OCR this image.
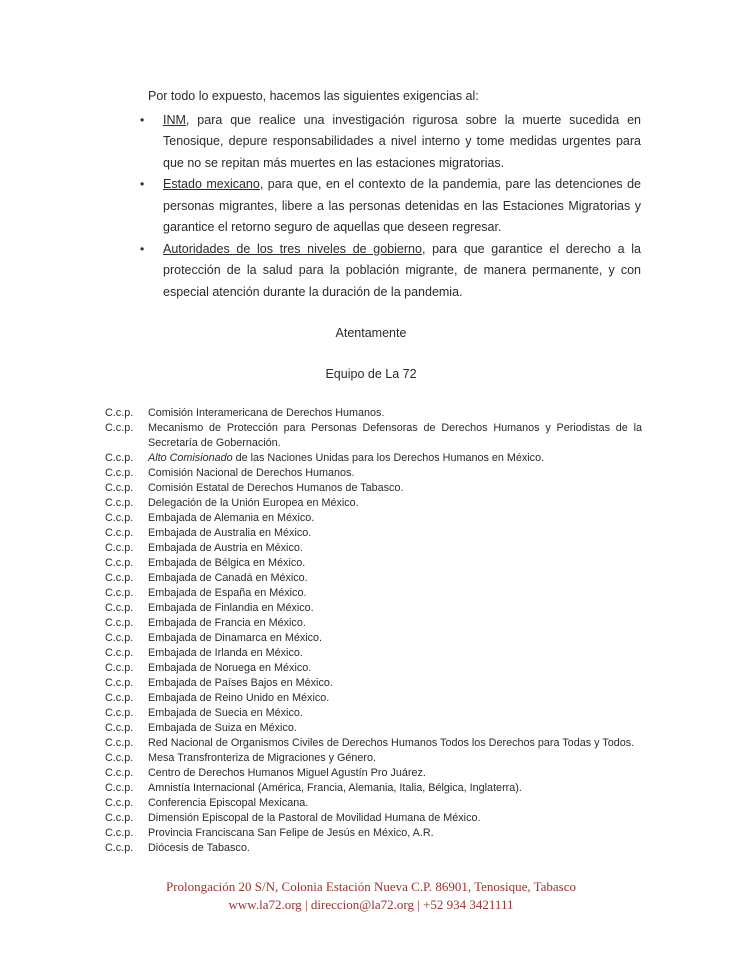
Por todo lo expuesto, hacemos las siguientes exigencias al:

•	INM, para que realice una investigación rigurosa sobre la muerte sucedida en Tenosique, depure responsabilidades a nivel interno y tome medidas urgentes para que no se repitan más muertes en las estaciones migratorias.
•	Estado mexicano, para que, en el contexto de la pandemia, pare las detenciones de personas migrantes, libere a las personas detenidas en las Estaciones Migratorias y garantice el retorno seguro de aquellas que deseen regresar.
•	Autoridades de los tres niveles de gobierno, para que garantice el derecho a la protección de la salud para la población migrante, de manera permanente, y con especial atención durante la duración de la pandemia.

Atentamente

Equipo de La 72

C.c.p.	Comisión Interamericana de Derechos Humanos.
C.c.p.	Mecanismo de Protección para Personas Defensoras de Derechos Humanos y Periodistas de la Secretaría de Gobernación.
C.c.p.	Alto Comisionado de las Naciones Unidas para los Derechos Humanos en México.
C.c.p.	Comisión Nacional de Derechos Humanos.
C.c.p.	Comisión Estatal de Derechos Humanos de Tabasco.
C.c.p.	Delegación de la Unión Europea en México.
C.c.p.	Embajada de Alemania en México.
C.c.p.	Embajada de Australia en México.
C.c.p.	Embajada de Austria en México.
C.c.p.	Embajada de Bélgica en México.
C.c.p.	Embajada de Canadá en México.
C.c.p.	Embajada de España en México.
C.c.p.	Embajada de Finlandia en México.
C.c.p.	Embajada de Francia en México.
C.c.p.	Embajada de Dinamarca en México.
C.c.p.	Embajada de Irlanda en México.
C.c.p.	Embajada de Noruega en México.
C.c.p.	Embajada de Países Bajos en México.
C.c.p.	Embajada de Reino Unido en México.
C.c.p.	Embajada de Suecia en México.
C.c.p.	Embajada de Suiza en México.
C.c.p.	Red Nacional de Organismos Civiles de Derechos Humanos Todos los Derechos para Todas y Todos.
C.c.p.	Mesa Transfronteriza de Migraciones y Género.
C.c.p.	Centro de Derechos Humanos Miguel Agustín Pro Juárez.
C.c.p.	Amnistía Internacional (América, Francia, Alemania, Italia, Bélgica, Inglaterra).
C.c.p.	Conferencia Episcopal Mexicana.
C.c.p.	Dimensión Episcopal de la Pastoral de Movilidad Humana de México.
C.c.p.	Provincia Franciscana San Felipe de Jesús en México, A.R.
C.c.p.	Diócesis de Tabasco.
Prolongación 20 S/N, Colonia Estación Nueva C.P. 86901, Tenosique, Tabasco
www.la72.org | direccion@la72.org | +52 934 3421111
